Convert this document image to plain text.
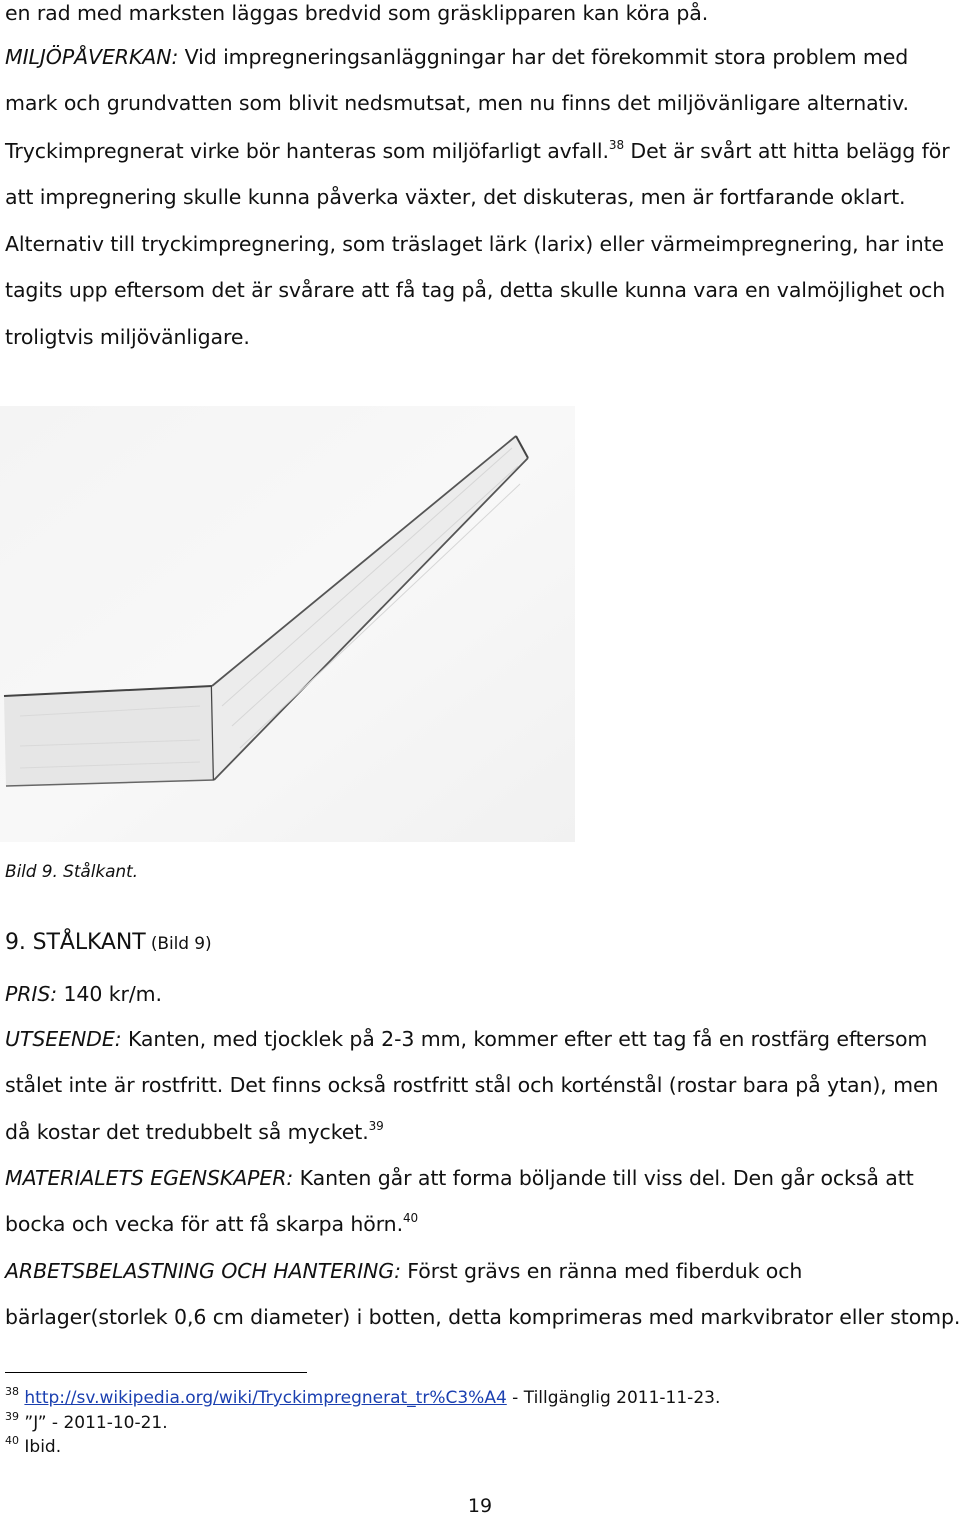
en rad med marksten läggas bredvid som gräsklipparen kan köra på.
MILJÖPÅVERKAN: Vid impregneringsanläggningar har det förekommit stora problem med
mark och grundvatten som blivit nedsmutsat, men nu finns det miljövänligare alternativ.
Tryckimpregnerat virke bör hanteras som miljöfarligt avfall.$^{38}$ Det är svårt att hitta belägg för
att impregnering skulle kunna påverka växter, det diskuteras, men är fortfarande oklart.
Alternativ till tryckimpregnering, som träslaget lärk (larix) eller värmeimpregnering, har inte
tagits upp eftersom det är svårare att få tag på, detta skulle kunna vara en valmöjlighet och
troligtvis miljövänligare.
Bild 9. Stålkant.
9. STÅLKANT (Bild 9)
PRIS: 140 kr/m.
UTSEENDE: Kanten, med tjocklek på 2-3 mm, kommer efter ett tag få en rostfärg eftersom
stålet inte är rostfritt. Det finns också rostfritt stål och korténstål (rostar bara på ytan), men
då kostar det tredubbelt så mycket.$^{39}$
MATERIALETS EGENSKAPER: Kanten går att forma böljande till viss del. Den går också att
bocka och vecka för att få skarpa hörn.$^{40}$
ARBETSBELASTNING OCH HANTERING: Först grävs en ränna med fiberduk och
bärlager(storlek 0,6 cm diameter) i botten, detta komprimeras med markvibrator eller stomp.
$^{38}$ http://sv.wikipedia.org/wiki/Tryckimpregnerat_tr%C3%A4 - Tillgänglig 2011-11-23.
$^{39}$ ”J” - 2011-10-21.
$^{40}$ Ibid.
19
